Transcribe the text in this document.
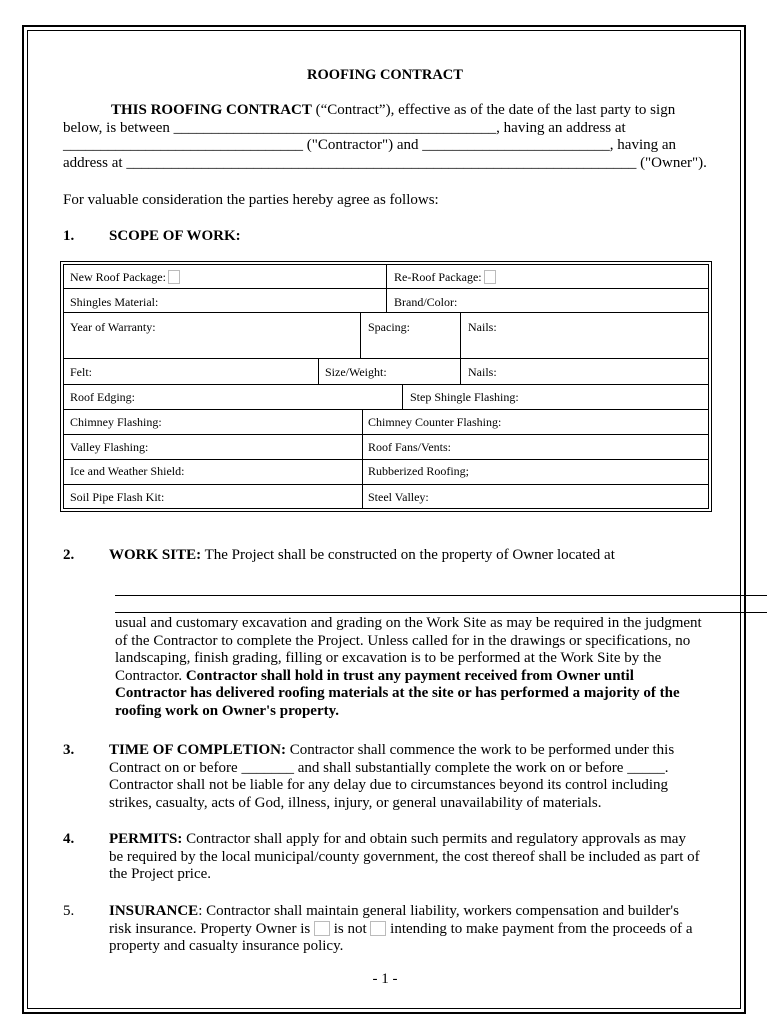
ROOFING CONTRACT
THIS ROOFING CONTRACT (“Contract”), effective as of the date of the last party to sign
below, is between ___________________________________________, having an address at
________________________________ ("Contractor") and _________________________, having an
address at ____________________________________________________________________ ("Owner").
For valuable consideration the parties hereby agree as follows:
1. SCOPE OF WORK:
New Roof Package:	Re-Roof Package:
Shingles Material:	Brand/Color:
Year of Warranty:	Spacing:	Nails:
Felt:	Size/Weight:	Nails:
Roof Edging:	Step Shingle Flashing:
Chimney Flashing:	Chimney Counter Flashing:
Valley Flashing:	Roof Fans/Vents:
Ice and Weather Shield:	Rubberized Roofing;
Soil Pipe Flash Kit:	Steel Valley:
2. WORK SITE: The Project shall be constructed on the property of Owner located at
usual and customary excavation and grading on the Work Site as may be required in the judgment
of the Contractor to complete the Project. Unless called for in the drawings or specifications, no
landscaping, finish grading, filling or excavation is to be performed at the Work Site by the
Contractor. Contractor shall hold in trust any payment received from Owner until
Contractor has delivered roofing materials at the site or has performed a majority of the
roofing work on Owner's property.
3. TIME OF COMPLETION: Contractor shall commence the work to be performed under this
Contract on or before _______ and shall substantially complete the work on or before _____.
Contractor shall not be liable for any delay due to circumstances beyond its control including
strikes, casualty, acts of God, illness, injury, or general unavailability of materials.
4. PERMITS: Contractor shall apply for and obtain such permits and regulatory approvals as may
be required by the local municipal/county government, the cost thereof shall be included as part of
the Project price.
5. INSURANCE: Contractor shall maintain general liability, workers compensation and builder's
risk insurance. Property Owner is  is not  intending to make payment from the proceeds of a
property and casualty insurance policy.
- 1 -
